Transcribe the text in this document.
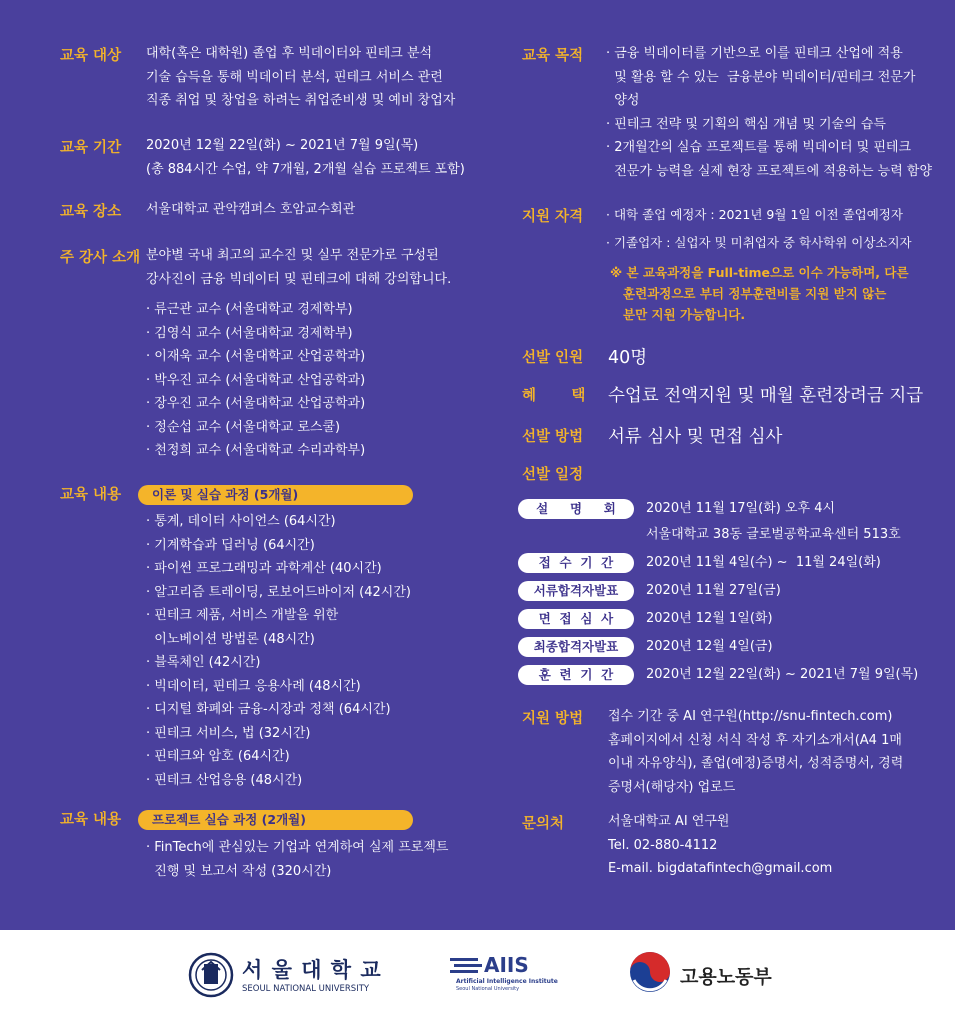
교육 대상 대학(혹은 대학원) 졸업 후 빅데이터와 핀테크 분석
기술 습득을 통해 빅데이터 분석, 핀테크 서비스 관련
직종 취업 및 창업을 하려는 취업준비생 및 예비 창업자
교육 기간 2020년 12월 22일(화) ~ 2021년 7월 9일(목)
(총 884시간 수업, 약 7개월, 2개월 실습 프로젝트 포함)
교육 장소 서울대학교 관악캠퍼스 호암교수회관
주 강사 소개 분야별 국내 최고의 교수진 및 실무 전문가로 구성된
강사진이 금융 빅데이터 및 핀테크에 대해 강의합니다.
· 류근관 교수 (서울대학교 경제학부)
· 김영식 교수 (서울대학교 경제학부)
· 이재욱 교수 (서울대학교 산업공학과)
· 박우진 교수 (서울대학교 산업공학과)
· 장우진 교수 (서울대학교 산업공학과)
· 정순섭 교수 (서울대학교 로스쿨)
· 천정희 교수 (서울대학교 수리과학부)
교육 내용	이론 및 실습 과정 (5개월)
· 통계, 데이터 사이언스 (64시간)
· 기계학습과 딥러닝 (64시간)
· 파이썬 프로그래밍과 과학계산 (40시간)
· 알고리즘 트레이딩, 로보어드바이저 (42시간)
· 핀테크 제품, 서비스 개발을 위한
이노베이션 방법론 (48시간)
· 블록체인 (42시간)
· 빅데이터, 핀테크 응용사례 (48시간)
· 디지털 화폐와 금융-시장과 정책 (64시간)
· 핀테크 서비스, 법 (32시간)
· 핀테크와 암호 (64시간)
· 핀테크 산업응용 (48시간)
교육 내용	프로젝트 실습 과정 (2개월)
· FinTech에 관심있는 기업과 연계하여 실제 프로젝트
진행 및 보고서 작성 (320시간)
교육 목적 · 금융 빅데이터를 기반으로 이를 핀테크 산업에 적용
및 활용 할 수 있는  금융분야 빅데이터/핀테크 전문가
양성
· 핀테크 전략 및 기획의 핵심 개념 및 기술의 습득
· 2개월간의 실습 프로젝트를 통해 빅데이터 및 핀테크
전문가 능력을 실제 현장 프로젝트에 적용하는 능력 함양
지원 자격 · 대학 졸업 예정자 : 2021년 9월 1일 이전 졸업예정자
· 기졸업자 : 실업자 및 미취업자 중 학사학위 이상소지자
※ 본 교육과정을 Full-time으로 이수 가능하며, 다른
훈련과정으로 부터 정부훈련비를 지원 받지 않는
분만 지원 가능합니다.
선발 인원 40명
혜       택 수업료 전액지원 및 매월 훈련장려금 지급
선발 방법 서류 심사 및 면접 심사
선발 일정
설     명     회	2020년 11월 17일(화) 오후 4시
서울대학교 38동 글로벌공학교육센터 513호
접  수  기  간	2020년 11월 4일(수) ~  11월 24일(화)
서류합격자발표	2020년 11월 27일(금)
면  접  심  사	2020년 12월 1일(화)
최종합격자발표	2020년 12월 4일(금)
훈  련  기  간	2020년 12월 22일(화) ~ 2021년 7월 9일(목)
지원 방법 접수 기간 중 AI 연구원(http://snu-fintech.com)
홈페이지에서 신청 서식 작성 후 자기소개서(A4 1매
이내 자유양식), 졸업(예정)증명서, 성적증명서, 경력
증명서(해당자) 업로드
문의처	서울대학교 AI 연구원
Tel. 02-880-4112
E-mail. bigdatafintech@gmail.com
서 울 대 학 교
SEOUL NATIONAL UNIVERSITY
AIIS
Artificial Intelligence Institute
Seoul National University
고용노동부
